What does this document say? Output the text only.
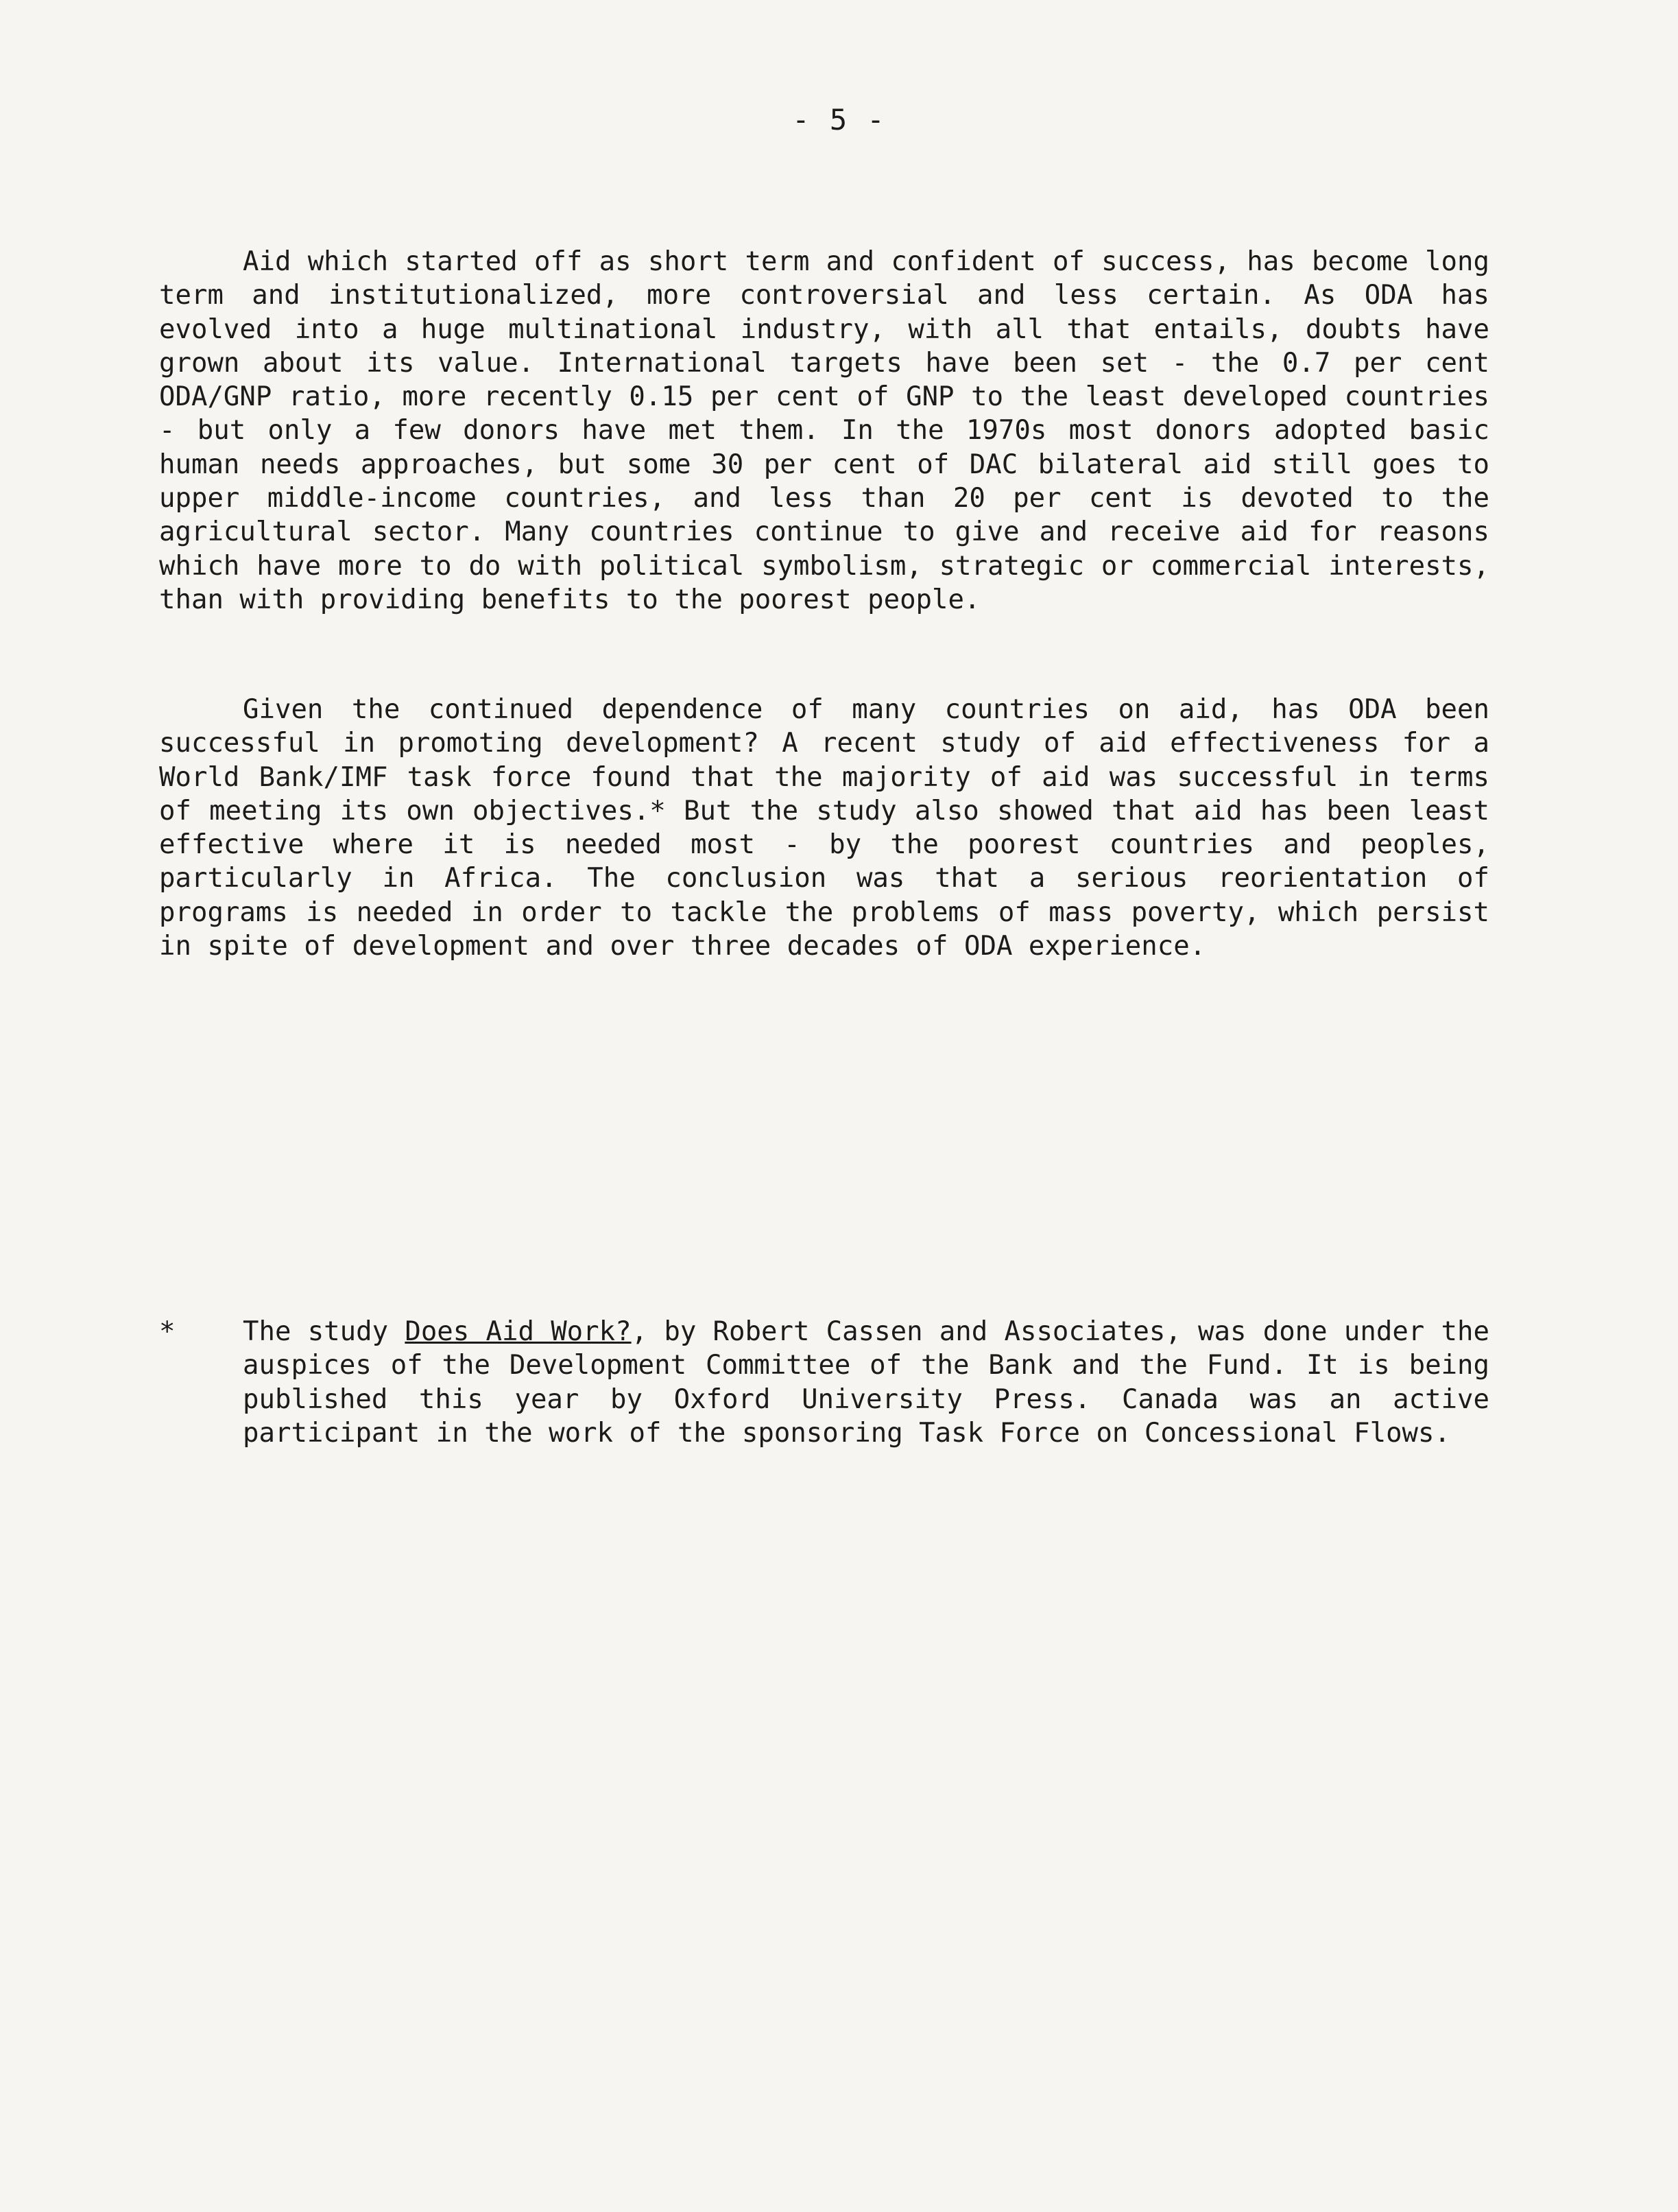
- 5 -

Aid which started off as short term and confident of success, has become long term and institutionalized, more controversial and less certain. As ODA has evolved into a huge multinational industry, with all that entails, doubts have grown about its value. International targets have been set - the 0.7 per cent ODA/GNP ratio, more recently 0.15 per cent of GNP to the least developed countries - but only a few donors have met them. In the 1970s most donors adopted basic human needs approaches, but some 30 per cent of DAC bilateral aid still goes to upper middle-income countries, and less than 20 per cent is devoted to the agricultural sector. Many countries continue to give and receive aid for reasons which have more to do with political symbolism, strategic or commercial interests, than with providing benefits to the poorest people.

Given the continued dependence of many countries on aid, has ODA been successful in promoting development? A recent study of aid effectiveness for a World Bank/IMF task force found that the majority of aid was successful in terms of meeting its own objectives.* But the study also showed that aid has been least effective where it is needed most - by the poorest countries and peoples, particularly in Africa. The conclusion was that a serious reorientation of programs is needed in order to tackle the problems of mass poverty, which persist in spite of development and over three decades of ODA experience.

*	The study Does Aid Work?, by Robert Cassen and Associates, was done under the auspices of the Development Committee of the Bank and the Fund. It is being published this year by Oxford University Press. Canada was an active participant in the work of the sponsoring Task Force on Concessional Flows.
